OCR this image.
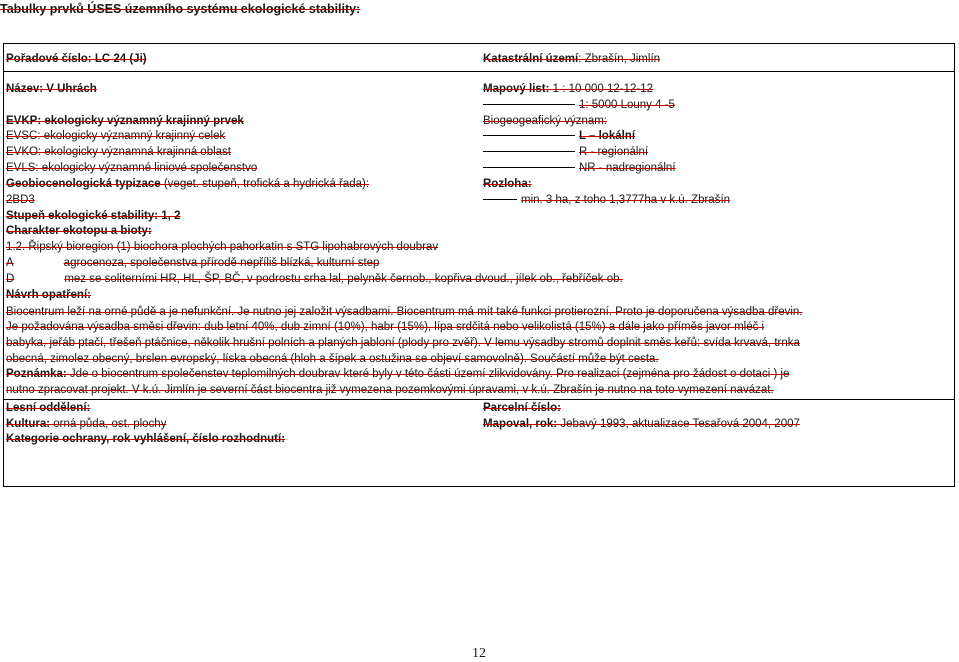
Tabulky prvků ÚSES územního systému ekologické stability:
Pořadové číslo: LC 24 (Ji)	Katastrální území: Zbrašín, Jimlín
Název: V Uhrách	Mapový list: 1 : 10 000 12-12-12
1: 5000 Louny 4 -5
EVKP: ekologicky významný krajinný prvek	Biogeogeafický význam:
EVSC: ekologicky významný krajinný celek	L – lokální
EVKO: ekologicky významná krajinná oblast	R - regionální
EVLS: ekologicky významné liniové společenstvo	NR - nadregionální
Geobiocenologická typizace (veget. stupeň, trofická a hydrická řada):	Rozloha:
2BD3	min. 3 ha, z toho 1,3777ha v k.ú. Zbrašín
Stupeň ekologické stability: 1, 2
Charakter ekotopu a bioty:
1.2. Řipský bioregion (1) biochora plochých pahorkatin s STG lipohabrových doubrav
A	agrocenoza, společenstva přírodě nepříliš blízká, kulturní step
D	mez se soliterními HR, HL, ŠP, BČ, v podrostu srha lal, pelyněk černob., kopřiva dvoud., jílek ob., řebříček ob.
Návrh opatření:
Biocentrum leží na orné půdě a je nefunkční. Je nutno jej založit výsadbami. Biocentrum má mít také funkci protierozní. Proto je doporučena výsadba dřevin.
Je požadována výsadba směsi dřevin: dub letní 40%, dub zimní (10%), habr (15%), lípa srdčitá nebo velikolistá (15%) a dále jako příměs javor mléč i
babyka, jeřáb ptačí, třešeň ptáčnice, několik hrušní polních a planých jabloní (plody pro zvěř). V lemu výsadby stromů doplnit směs keřů: svída krvavá, trnka
obecná, zimolez obecný, brslen evropský, líska obecná (hloh a šípek a ostužina se objeví samovolně). Součástí může být cesta.
Poznámka: Jde o biocentrum společenstev teplomilných doubrav které byly v této části území zlikvidovány. Pro realizaci (zejména pro žádost o dotaci ) je
nutno zpracovat projekt. V k.ú. Jimlín je severní část biocentra již vymezena pozemkovými úpravami, v k.ú. Zbrašín je nutno na toto vymezení navázat.
Lesní oddělení:	Parcelní číslo:
Kultura: orná půda, ost. plochy	Mapoval, rok: Jebavý 1993, aktualizace Tesařová 2004, 2007
Kategorie ochrany, rok vyhlášení, číslo rozhodnutí:
12
